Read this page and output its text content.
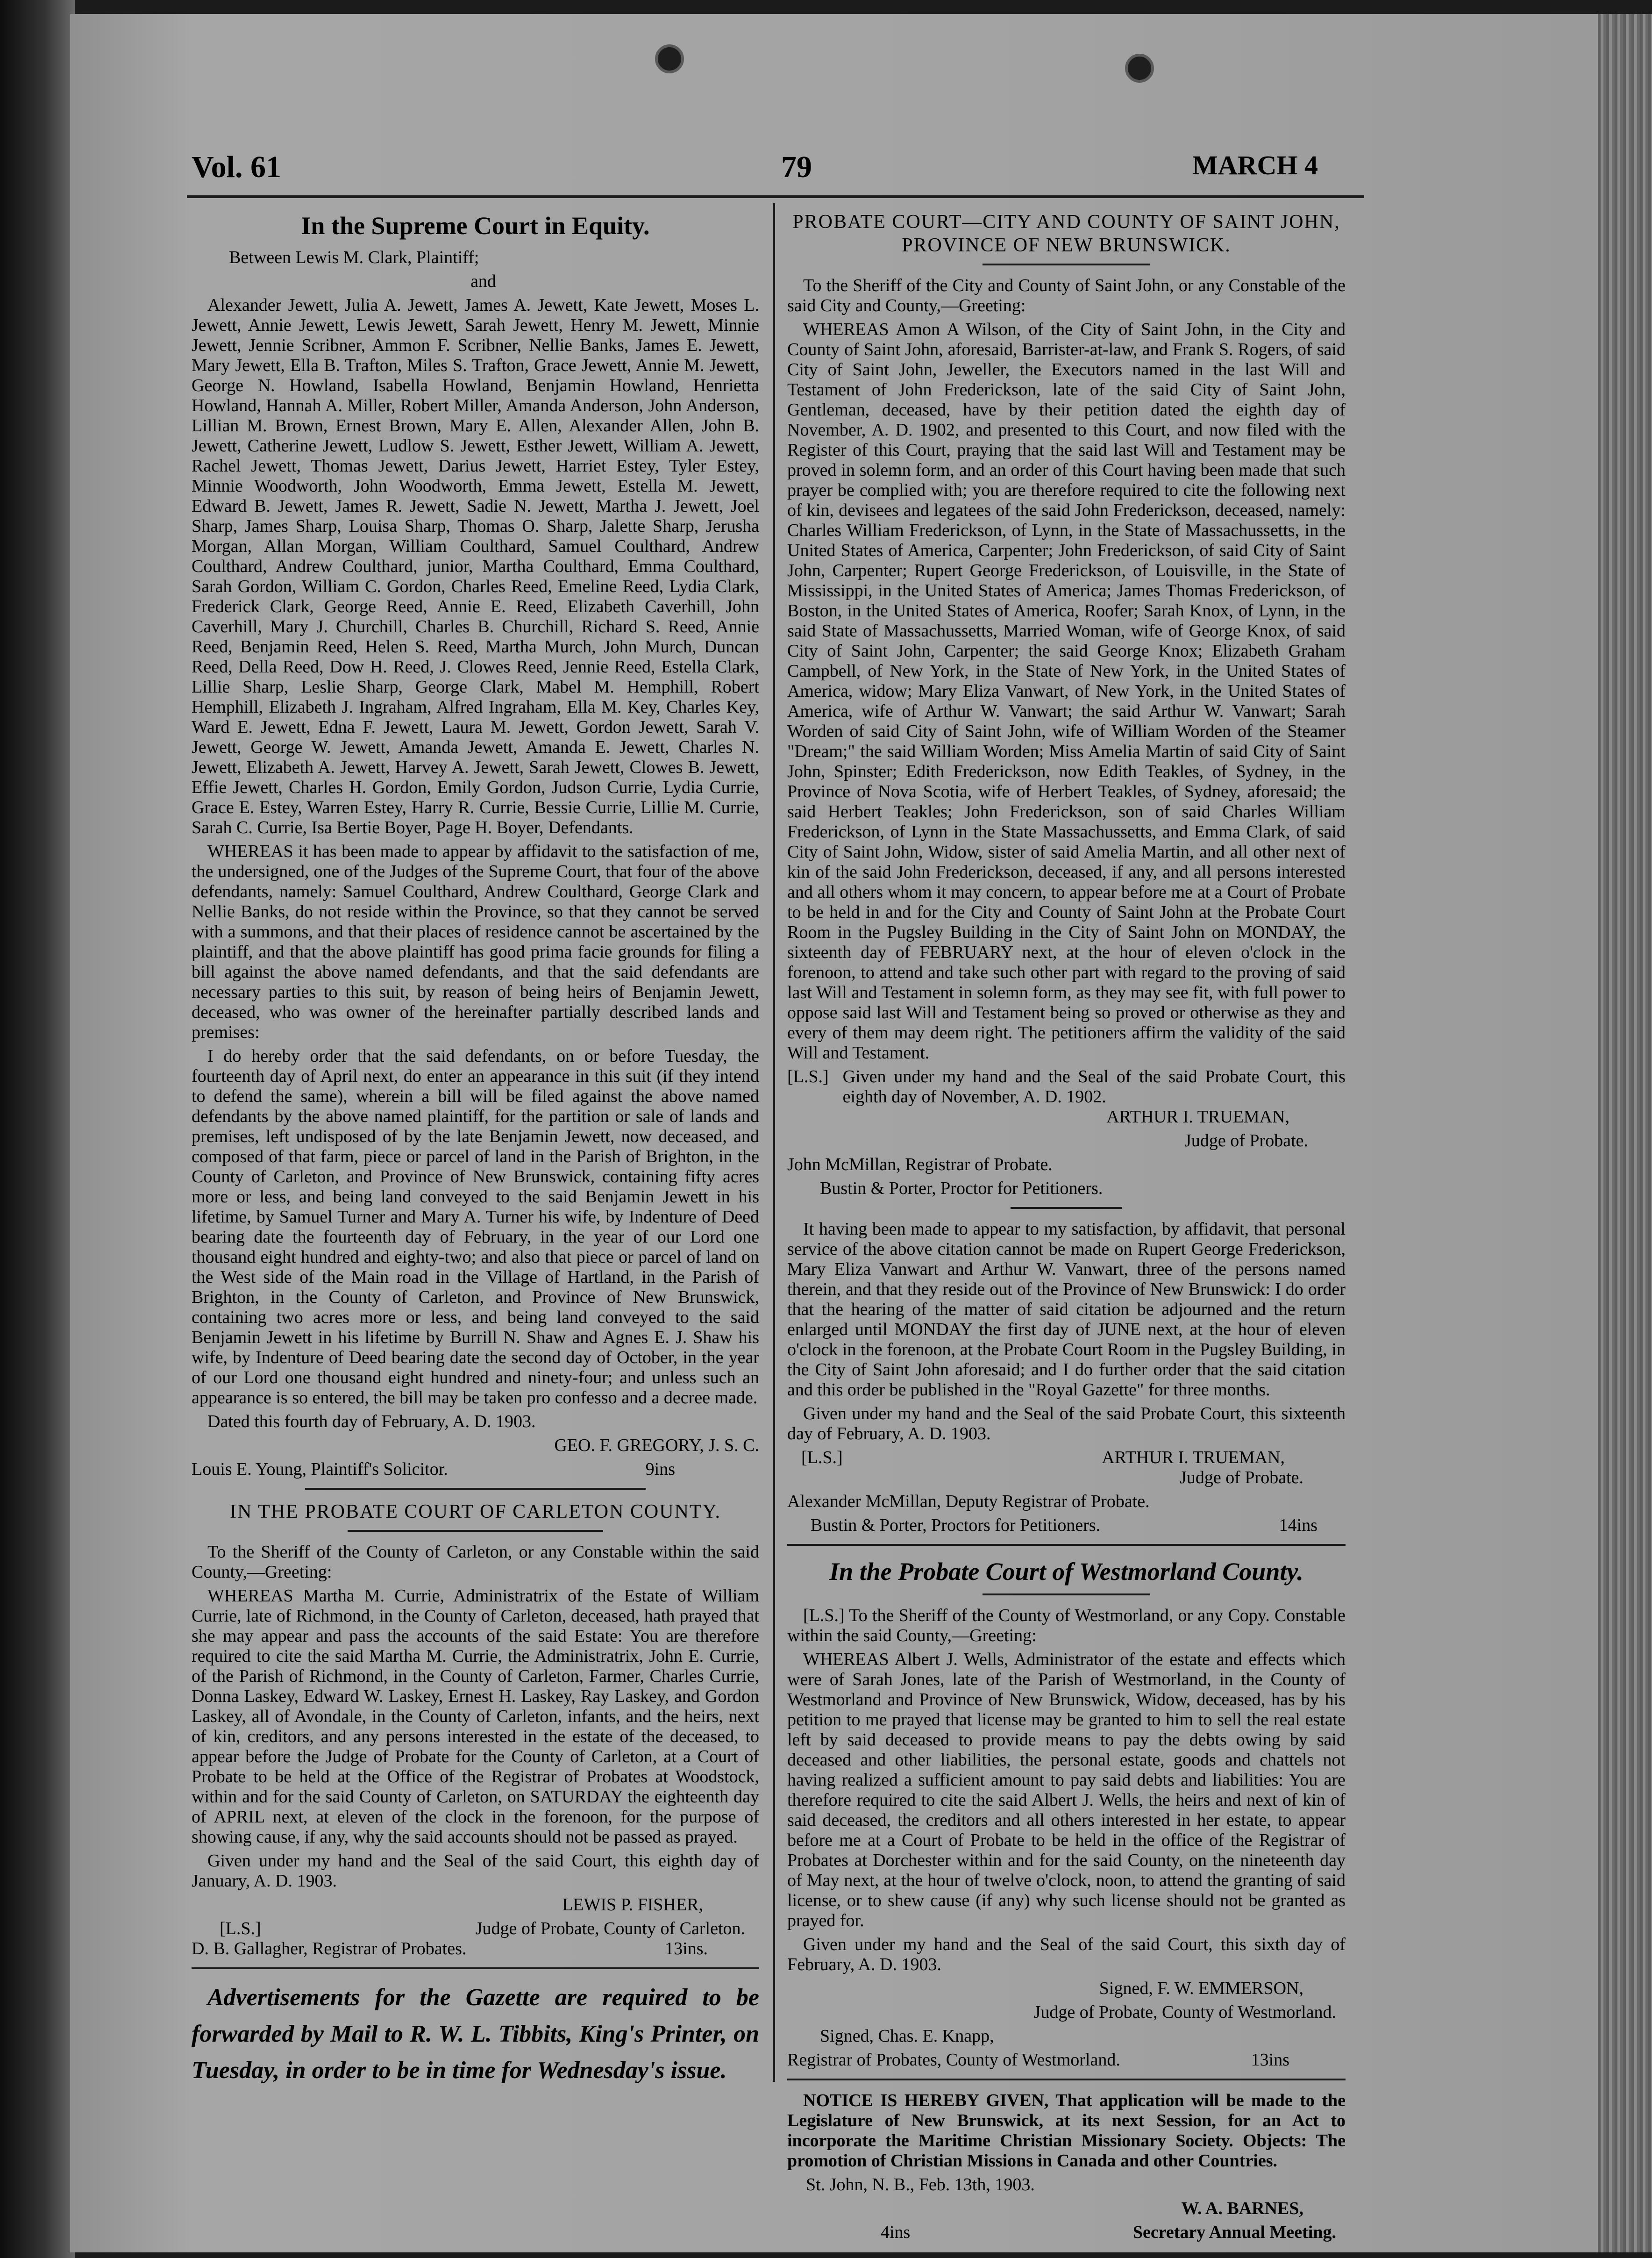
Vol. 61	79	MARCH 4
In the Supreme Court in Equity.

Between Lewis M. Clark, Plaintiff;

and

Alexander Jewett, Julia A. Jewett, James A. Jewett, Kate Jewett, Moses L. Jewett, Annie Jewett, Lewis Jewett, Sarah Jewett, Henry M. Jewett, Minnie Jewett, Jennie Scribner, Ammon F. Scribner, Nellie Banks, James E. Jewett, Mary Jewett, Ella B. Trafton, Miles S. Trafton, Grace Jewett, Annie M. Jewett, George N. Howland, Isabella Howland, Benjamin Howland, Henrietta Howland, Hannah A. Miller, Robert Miller, Amanda Anderson, John Anderson, Lillian M. Brown, Ernest Brown, Mary E. Allen, Alexander Allen, John B. Jewett, Catherine Jewett, Ludlow S. Jewett, Esther Jewett, William A. Jewett, Rachel Jewett, Thomas Jewett, Darius Jewett, Harriet Estey, Tyler Estey, Minnie Woodworth, John Woodworth, Emma Jewett, Estella M. Jewett, Edward B. Jewett, James R. Jewett, Sadie N. Jewett, Martha J. Jewett, Joel Sharp, James Sharp, Louisa Sharp, Thomas O. Sharp, Jalette Sharp, Jerusha Morgan, Allan Morgan, William Coulthard, Samuel Coulthard, Andrew Coulthard, Andrew Coulthard, junior, Martha Coulthard, Emma Coulthard, Sarah Gordon, William C. Gordon, Charles Reed, Emeline Reed, Lydia Clark, Frederick Clark, George Reed, Annie E. Reed, Elizabeth Caverhill, John Caverhill, Mary J. Churchill, Charles B. Churchill, Richard S. Reed, Annie Reed, Benjamin Reed, Helen S. Reed, Martha Murch, John Murch, Duncan Reed, Della Reed, Dow H. Reed, J. Clowes Reed, Jennie Reed, Estella Clark, Lillie Sharp, Leslie Sharp, George Clark, Mabel M. Hemphill, Robert Hemphill, Elizabeth J. Ingraham, Alfred Ingraham, Ella M. Key, Charles Key, Ward E. Jewett, Edna F. Jewett, Laura M. Jewett, Gordon Jewett, Sarah V. Jewett, George W. Jewett, Amanda Jewett, Amanda E. Jewett, Charles N. Jewett, Elizabeth A. Jewett, Harvey A. Jewett, Sarah Jewett, Clowes B. Jewett, Effie Jewett, Charles H. Gordon, Emily Gordon, Judson Currie, Lydia Currie, Grace E. Estey, Warren Estey, Harry R. Currie, Bessie Currie, Lillie M. Currie, Sarah C. Currie, Isa Bertie Boyer, Page H. Boyer, Defendants.

WHEREAS it has been made to appear by affidavit to the satisfaction of me, the undersigned, one of the Judges of the Supreme Court, that four of the above defendants, namely: Samuel Coulthard, Andrew Coulthard, George Clark and Nellie Banks, do not reside within the Province, so that they cannot be served with a summons, and that their places of residence cannot be ascertained by the plaintiff, and that the above plaintiff has good prima facie grounds for filing a bill against the above named defendants, and that the said defendants are necessary parties to this suit, by reason of being heirs of Benjamin Jewett, deceased, who was owner of the hereinafter partially described lands and premises:

I do hereby order that the said defendants, on or before Tuesday, the fourteenth day of April next, do enter an appearance in this suit (if they intend to defend the same), wherein a bill will be filed against the above named defendants by the above named plaintiff, for the partition or sale of lands and premises, left undisposed of by the late Benjamin Jewett, now deceased, and composed of that farm, piece or parcel of land in the Parish of Brighton, in the County of Carleton, and Province of New Brunswick, containing fifty acres more or less, and being land conveyed to the said Benjamin Jewett in his lifetime, by Samuel Turner and Mary A. Turner his wife, by Indenture of Deed bearing date the fourteenth day of February, in the year of our Lord one thousand eight hundred and eighty-two; and also that piece or parcel of land on the West side of the Main road in the Village of Hartland, in the Parish of Brighton, in the County of Carleton, and Province of New Brunswick, containing two acres more or less, and being land conveyed to the said Benjamin Jewett in his lifetime by Burrill N. Shaw and Agnes E. J. Shaw his wife, by Indenture of Deed bearing date the second day of October, in the year of our Lord one thousand eight hundred and ninety-four; and unless such an appearance is so entered, the bill may be taken pro confesso and a decree made.

Dated this fourth day of February, A. D. 1903.

GEO. F. GREGORY, J. S. C.

Louis E. Young, Plaintiff's Solicitor.	9ins
IN THE PROBATE COURT OF CARLETON COUNTY.

To the Sheriff of the County of Carleton, or any Constable within the said County,—Greeting:

WHEREAS Martha M. Currie, Administratrix of the Estate of William Currie, late of Richmond, in the County of Carleton, deceased, hath prayed that she may appear and pass the accounts of the said Estate: You are therefore required to cite the said Martha M. Currie, the Administratrix, John E. Currie, of the Parish of Richmond, in the County of Carleton, Farmer, Charles Currie, Donna Laskey, Edward W. Laskey, Ernest H. Laskey, Ray Laskey, and Gordon Laskey, all of Avondale, in the County of Carleton, infants, and the heirs, next of kin, creditors, and any persons interested in the estate of the deceased, to appear before the Judge of Probate for the County of Carleton, at a Court of Probate to be held at the Office of the Registrar of Probates at Woodstock, within and for the said County of Carleton, on SATURDAY the eighteenth day of APRIL next, at eleven of the clock in the forenoon, for the purpose of showing cause, if any, why the said accounts should not be passed as prayed.

Given under my hand and the Seal of the said Court, this eighth day of January, A. D. 1903.

LEWIS P. FISHER,

[L.S.]	Judge of Probate, County of Carleton.
D. B. Gallagher, Registrar of Probates.	13ins.

Advertisements for the Gazette are required to be forwarded by Mail to R. W. L. Tibbits, King's Printer, on Tuesday, in order to be in time for Wednesday's issue.

PROBATE COURT—CITY AND COUNTY OF SAINT JOHN, PROVINCE OF NEW BRUNSWICK.

To the Sheriff of the City and County of Saint John, or any Constable of the said City and County,—Greeting:

WHEREAS Amon A Wilson, of the City of Saint John, in the City and County of Saint John, aforesaid, Barrister-at-law, and Frank S. Rogers, of said City of Saint John, Jeweller, the Executors named in the last Will and Testament of John Frederickson, late of the said City of Saint John, Gentleman, deceased, have by their petition dated the eighth day of November, A. D. 1902, and presented to this Court, and now filed with the Register of this Court, praying that the said last Will and Testament may be proved in solemn form, and an order of this Court having been made that such prayer be complied with; you are therefore required to cite the following next of kin, devisees and legatees of the said John Frederickson, deceased, namely: Charles William Frederickson, of Lynn, in the State of Massachussetts, in the United States of America, Carpenter; John Frederickson, of said City of Saint John, Carpenter; Rupert George Frederickson, of Louisville, in the State of Mississippi, in the United States of America; James Thomas Frederickson, of Boston, in the United States of America, Roofer; Sarah Knox, of Lynn, in the said State of Massachussetts, Married Woman, wife of George Knox, of said City of Saint John, Carpenter; the said George Knox; Elizabeth Graham Campbell, of New York, in the State of New York, in the United States of America, widow; Mary Eliza Vanwart, of New York, in the United States of America, wife of Arthur W. Vanwart; the said Arthur W. Vanwart; Sarah Worden of said City of Saint John, wife of William Worden of the Steamer "Dream;" the said William Worden; Miss Amelia Martin of said City of Saint John, Spinster; Edith Frederickson, now Edith Teakles, of Sydney, in the Province of Nova Scotia, wife of Herbert Teakles, of Sydney, aforesaid; the said Herbert Teakles; John Frederickson, son of said Charles William Frederickson, of Lynn in the State Massachussetts, and Emma Clark, of said City of Saint John, Widow, sister of said Amelia Martin, and all other next of kin of the said John Frederickson, deceased, if any, and all persons interested and all others whom it may concern, to appear before me at a Court of Probate to be held in and for the City and County of Saint John at the Probate Court Room in the Pugsley Building in the City of Saint John on MONDAY, the sixteenth day of FEBRUARY next, at the hour of eleven o'clock in the forenoon, to attend and take such other part with regard to the proving of said last Will and Testament in solemn form, as they may see fit, with full power to oppose said last Will and Testament being so proved or otherwise as they and every of them may deem right. The petitioners affirm the validity of the said Will and Testament.

[L.S.] Given under my hand and the Seal of the said Probate Court, this eighth day of November, A. D. 1902.

ARTHUR I. TRUEMAN,

Judge of Probate.

John McMillan, Registrar of Probate.

Bustin & Porter, Proctor for Petitioners.

It having been made to appear to my satisfaction, by affidavit, that personal service of the above citation cannot be made on Rupert George Frederickson, Mary Eliza Vanwart and Arthur W. Vanwart, three of the persons named therein, and that they reside out of the Province of New Brunswick: I do order that the hearing of the matter of said citation be adjourned and the return enlarged until MONDAY the first day of JUNE next, at the hour of eleven o'clock in the forenoon, at the Probate Court Room in the Pugsley Building, in the City of Saint John aforesaid; and I do further order that the said citation and this order be published in the "Royal Gazette" for three months.

Given under my hand and the Seal of the said Probate Court, this sixteenth day of February, A. D. 1903.

[L.S.]	ARTHUR I. TRUEMAN,

Judge of Probate.

Alexander McMillan, Deputy Registrar of Probate.

Bustin & Porter, Proctors for Petitioners.	14ins
In the Probate Court of Westmorland County.

[L.S.] To the Sheriff of the County of Westmorland, or any Copy. Constable within the said County,—Greeting:

WHEREAS Albert J. Wells, Administrator of the estate and effects which were of Sarah Jones, late of the Parish of Westmorland, in the County of Westmorland and Province of New Brunswick, Widow, deceased, has by his petition to me prayed that license may be granted to him to sell the real estate left by said deceased to provide means to pay the debts owing by said deceased and other liabilities, the personal estate, goods and chattels not having realized a sufficient amount to pay said debts and liabilities: You are therefore required to cite the said Albert J. Wells, the heirs and next of kin of said deceased, the creditors and all others interested in her estate, to appear before me at a Court of Probate to be held in the office of the Registrar of Probates at Dorchester within and for the said County, on the nineteenth day of May next, at the hour of twelve o'clock, noon, to attend the granting of said license, or to shew cause (if any) why such license should not be granted as prayed for.

Given under my hand and the Seal of the said Court, this sixth day of February, A. D. 1903.

Signed, F. W. EMMERSON,

Judge of Probate, County of Westmorland.

Signed, Chas. E. Knapp,

Registrar of Probates, County of Westmorland.	13ins

NOTICE IS HEREBY GIVEN, That application will be made to the Legislature of New Brunswick, at its next Session, for an Act to incorporate the Maritime Christian Missionary Society. Objects: The promotion of Christian Missions in Canada and other Countries.

St. John, N. B., Feb. 13th, 1903.

W. A. BARNES,

4ins	Secretary Annual Meeting.
